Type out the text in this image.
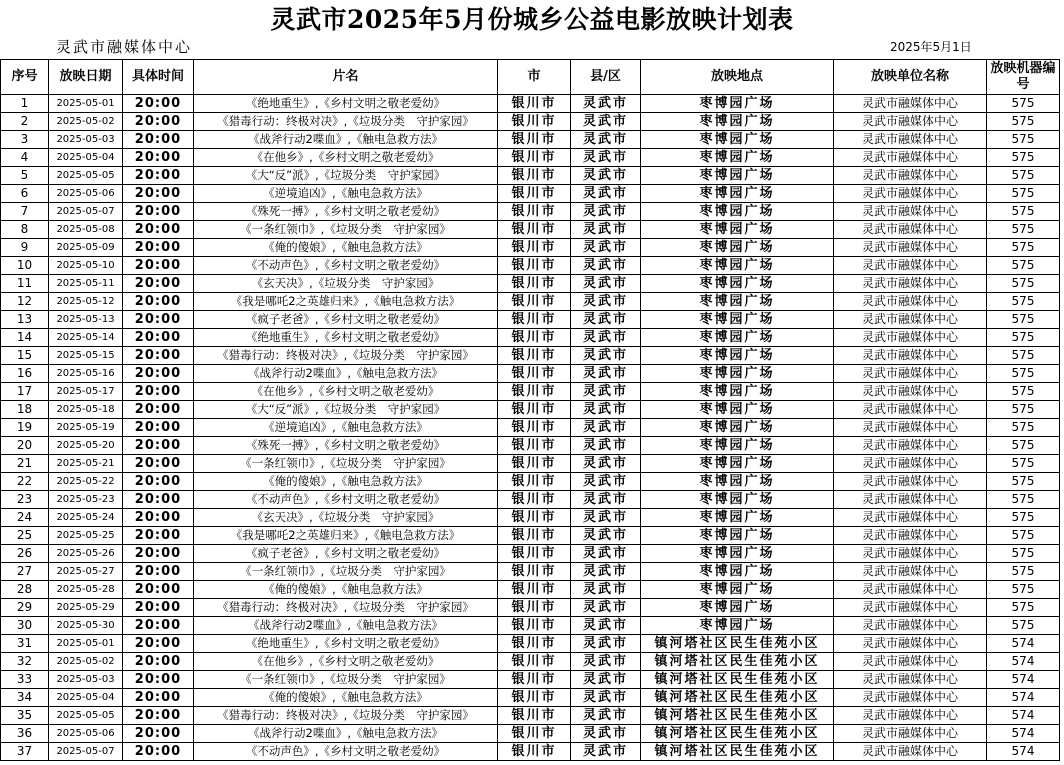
灵武市2025年5月份城乡公益电影放映计划表
灵武市融媒体中心	2025年5月1日
序号	放映日期	具体时间	片名	市	县/区	放映地点	放映单位名称	放映机器编号
1	2025-05-01	20:00	《绝地重生》,《乡村文明之敬老爱幼》	银川市	灵武市	枣博园广场	灵武市融媒体中心	575
2	2025-05-02	20:00	《猎毒行动：终极对决》,《垃圾分类　守护家园》	银川市	灵武市	枣博园广场	灵武市融媒体中心	575
3	2025-05-03	20:00	《战斧行动2喋血》,《触电急救方法》	银川市	灵武市	枣博园广场	灵武市融媒体中心	575
4	2025-05-04	20:00	《在他乡》,《乡村文明之敬老爱幼》	银川市	灵武市	枣博园广场	灵武市融媒体中心	575
5	2025-05-05	20:00	《大“反”派》,《垃圾分类　守护家园》	银川市	灵武市	枣博园广场	灵武市融媒体中心	575
6	2025-05-06	20:00	《逆境追凶》,《触电急救方法》	银川市	灵武市	枣博园广场	灵武市融媒体中心	575
7	2025-05-07	20:00	《殊死一搏》,《乡村文明之敬老爱幼》	银川市	灵武市	枣博园广场	灵武市融媒体中心	575
8	2025-05-08	20:00	《一条红领巾》,《垃圾分类　守护家园》	银川市	灵武市	枣博园广场	灵武市融媒体中心	575
9	2025-05-09	20:00	《俺的傻娘》,《触电急救方法》	银川市	灵武市	枣博园广场	灵武市融媒体中心	575
10	2025-05-10	20:00	《不动声色》,《乡村文明之敬老爱幼》	银川市	灵武市	枣博园广场	灵武市融媒体中心	575
11	2025-05-11	20:00	《玄天决》,《垃圾分类　守护家园》	银川市	灵武市	枣博园广场	灵武市融媒体中心	575
12	2025-05-12	20:00	《我是哪吒2之英雄归来》,《触电急救方法》	银川市	灵武市	枣博园广场	灵武市融媒体中心	575
13	2025-05-13	20:00	《疯子老爸》,《乡村文明之敬老爱幼》	银川市	灵武市	枣博园广场	灵武市融媒体中心	575
14	2025-05-14	20:00	《绝地重生》,《乡村文明之敬老爱幼》	银川市	灵武市	枣博园广场	灵武市融媒体中心	575
15	2025-05-15	20:00	《猎毒行动：终极对决》,《垃圾分类　守护家园》	银川市	灵武市	枣博园广场	灵武市融媒体中心	575
16	2025-05-16	20:00	《战斧行动2喋血》,《触电急救方法》	银川市	灵武市	枣博园广场	灵武市融媒体中心	575
17	2025-05-17	20:00	《在他乡》,《乡村文明之敬老爱幼》	银川市	灵武市	枣博园广场	灵武市融媒体中心	575
18	2025-05-18	20:00	《大“反”派》,《垃圾分类　守护家园》	银川市	灵武市	枣博园广场	灵武市融媒体中心	575
19	2025-05-19	20:00	《逆境追凶》,《触电急救方法》	银川市	灵武市	枣博园广场	灵武市融媒体中心	575
20	2025-05-20	20:00	《殊死一搏》,《乡村文明之敬老爱幼》	银川市	灵武市	枣博园广场	灵武市融媒体中心	575
21	2025-05-21	20:00	《一条红领巾》,《垃圾分类　守护家园》	银川市	灵武市	枣博园广场	灵武市融媒体中心	575
22	2025-05-22	20:00	《俺的傻娘》,《触电急救方法》	银川市	灵武市	枣博园广场	灵武市融媒体中心	575
23	2025-05-23	20:00	《不动声色》,《乡村文明之敬老爱幼》	银川市	灵武市	枣博园广场	灵武市融媒体中心	575
24	2025-05-24	20:00	《玄天决》,《垃圾分类　守护家园》	银川市	灵武市	枣博园广场	灵武市融媒体中心	575
25	2025-05-25	20:00	《我是哪吒2之英雄归来》,《触电急救方法》	银川市	灵武市	枣博园广场	灵武市融媒体中心	575
26	2025-05-26	20:00	《疯子老爸》,《乡村文明之敬老爱幼》	银川市	灵武市	枣博园广场	灵武市融媒体中心	575
27	2025-05-27	20:00	《一条红领巾》,《垃圾分类　守护家园》	银川市	灵武市	枣博园广场	灵武市融媒体中心	575
28	2025-05-28	20:00	《俺的傻娘》,《触电急救方法》	银川市	灵武市	枣博园广场	灵武市融媒体中心	575
29	2025-05-29	20:00	《猎毒行动：终极对决》,《垃圾分类　守护家园》	银川市	灵武市	枣博园广场	灵武市融媒体中心	575
30	2025-05-30	20:00	《战斧行动2喋血》,《触电急救方法》	银川市	灵武市	枣博园广场	灵武市融媒体中心	575
31	2025-05-01	20:00	《绝地重生》,《乡村文明之敬老爱幼》	银川市	灵武市	镇河塔社区民生佳苑小区	灵武市融媒体中心	574
32	2025-05-02	20:00	《在他乡》,《乡村文明之敬老爱幼》	银川市	灵武市	镇河塔社区民生佳苑小区	灵武市融媒体中心	574
33	2025-05-03	20:00	《一条红领巾》,《垃圾分类　守护家园》	银川市	灵武市	镇河塔社区民生佳苑小区	灵武市融媒体中心	574
34	2025-05-04	20:00	《俺的傻娘》,《触电急救方法》	银川市	灵武市	镇河塔社区民生佳苑小区	灵武市融媒体中心	574
35	2025-05-05	20:00	《猎毒行动：终极对决》,《垃圾分类　守护家园》	银川市	灵武市	镇河塔社区民生佳苑小区	灵武市融媒体中心	574
36	2025-05-06	20:00	《战斧行动2喋血》,《触电急救方法》	银川市	灵武市	镇河塔社区民生佳苑小区	灵武市融媒体中心	574
37	2025-05-07	20:00	《不动声色》,《乡村文明之敬老爱幼》	银川市	灵武市	镇河塔社区民生佳苑小区	灵武市融媒体中心	574
